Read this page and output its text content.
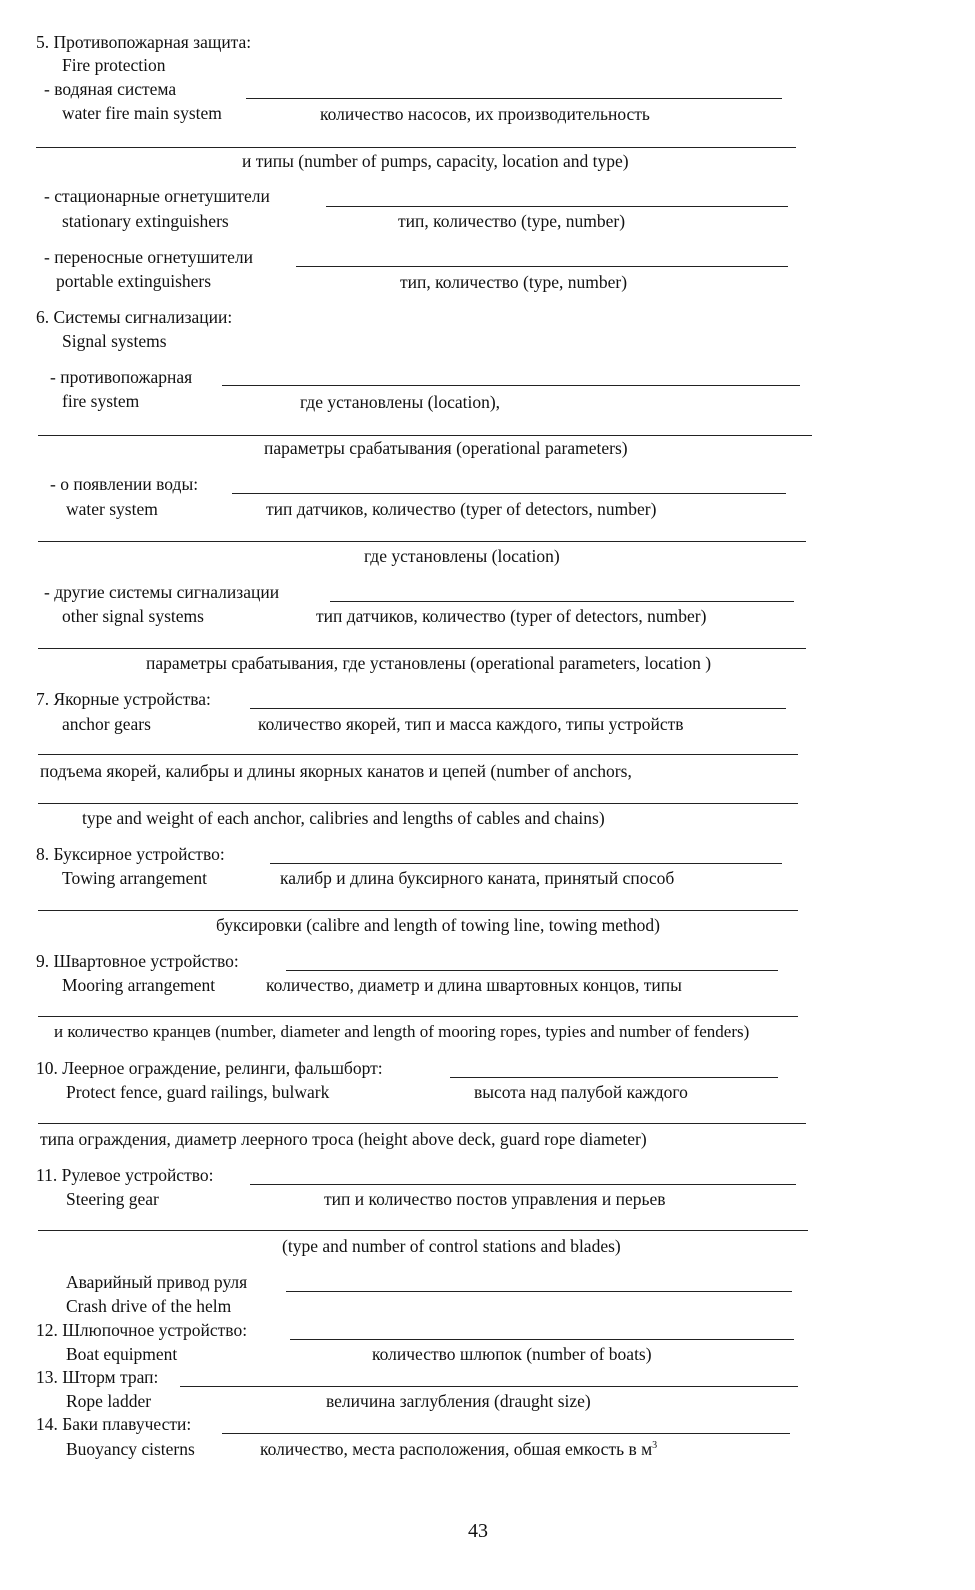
5. Противопожарная защита:
Fire protection
- водяная система
water fire main system	количество насосов, их производительность
и типы (number of pumps, capacity, location and type)
- стационарные огнетушители
stationary extinguishers	тип, количество (type, number)
- переносные огнетушители
portable extinguishers	тип, количество (type, number)
6. Системы сигнализации:
Signal systems
- противопожарная
fire system	где установлены (location),
параметры срабатывания (operational parameters)
- о появлении воды:
water system	тип датчиков, количество (typer of detectors, number)
где установлены (location)
- другие системы сигнализации
other signal systems	тип датчиков, количество (typer of detectors, number)
параметры срабатывания, где установлены (operational parameters, location )
7. Якорные устройства:
anchor gears	количество якорей, тип и масса каждого, типы устройств
подъема якорей, калибры и длины якорных канатов и цепей (number of anchors,
type and weight of each anchor, calibries and lengths of cables and chains)
8. Буксирное устройство:
Towing arrangement	калибр и длина буксирного каната, принятый способ
буксировки (calibre and length of towing line, towing method)
9. Швартовное устройство:
Mooring arrangement	количество, диаметр и длина швартовных концов, типы
и количество кранцев (number, diameter and length of mooring ropes, typies and number of fenders)
10. Леерное ограждение, релинги, фальшборт:
Protect fence, guard railings, bulwark	высота над палубой каждого
типа ограждения, диаметр леерного троса (height above deck, guard rope diameter)
11. Рулевое устройство:
Steering gear	тип и количество постов управления и перьев
(type and number of control stations and blades)
Аварийный привод руля
Crash drive of the helm
12. Шлюпочное устройство:
Boat equipment	количество шлюпок (number of boats)
13. Шторм трап:
Rope ladder	величина заглубления (draught size)
14. Баки плавучести:
Buoyancy cisterns	количество, места расположения, обшая емкость в $м^3$
43
